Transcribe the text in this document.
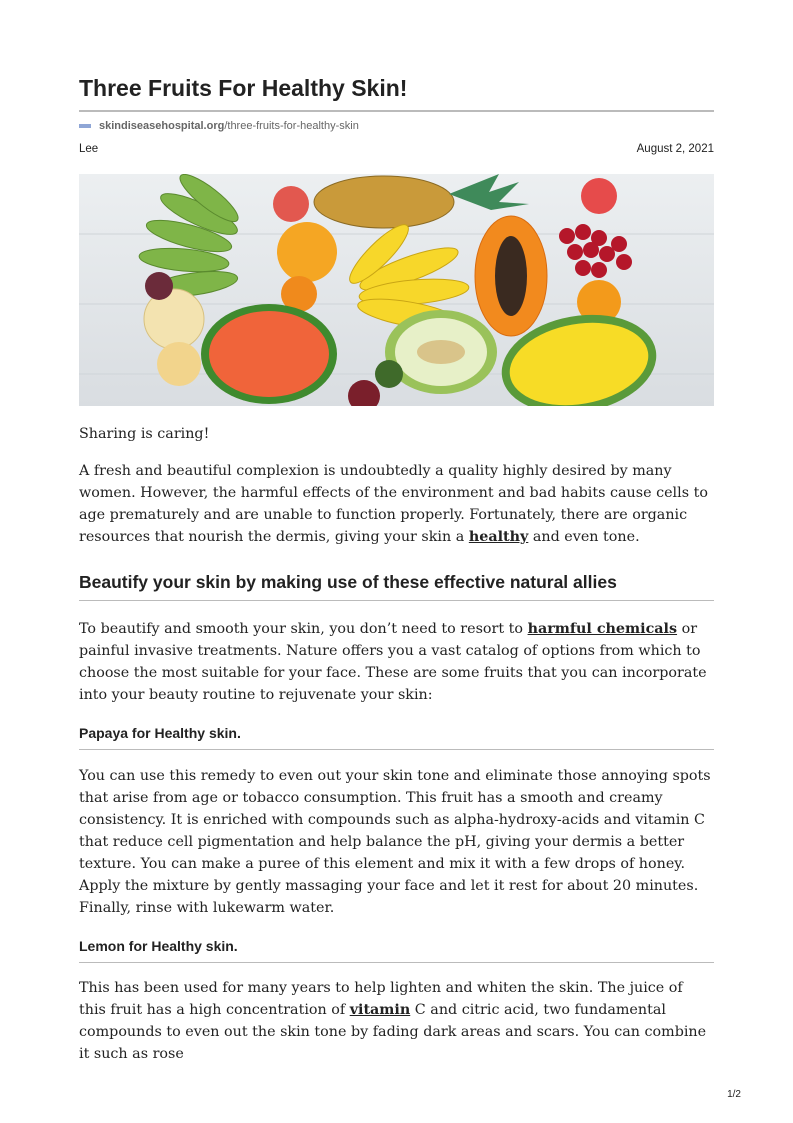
Three Fruits For Healthy Skin!
skindiseasehospital.org /three-fruits-for-healthy-skin
Lee	August 2, 2021

Sharing is caring!

A fresh and beautiful complexion is undoubtedly a quality highly desired by many women. However, the harmful effects of the environment and bad habits cause cells to age prematurely and are unable to function properly. Fortunately, there are organic resources that nourish the dermis, giving your skin a healthy and even tone.

Beautify your skin by making use of these effective natural allies

To beautify and smooth your skin, you don’t need to resort to harmful chemicals or painful invasive treatments. Nature offers you a vast catalog of options from which to choose the most suitable for your face. These are some fruits that you can incorporate into your beauty routine to rejuvenate your skin:

Papaya for Healthy skin.

You can use this remedy to even out your skin tone and eliminate those annoying spots that arise from age or tobacco consumption. This fruit has a smooth and creamy consistency. It is enriched with compounds such as alpha-hydroxy-acids and vitamin C that reduce cell pigmentation and help balance the pH, giving your dermis a better texture. You can make a puree of this element and mix it with a few drops of honey. Apply the mixture by gently massaging your face and let it rest for about 20 minutes. Finally, rinse with lukewarm water.

Lemon for Healthy skin.

This has been used for many years to help lighten and whiten the skin. The juice of this fruit has a high concentration of vitamin C and citric acid, two fundamental compounds to even out the skin tone by fading dark areas and scars. You can combine it such as rose

1/2
